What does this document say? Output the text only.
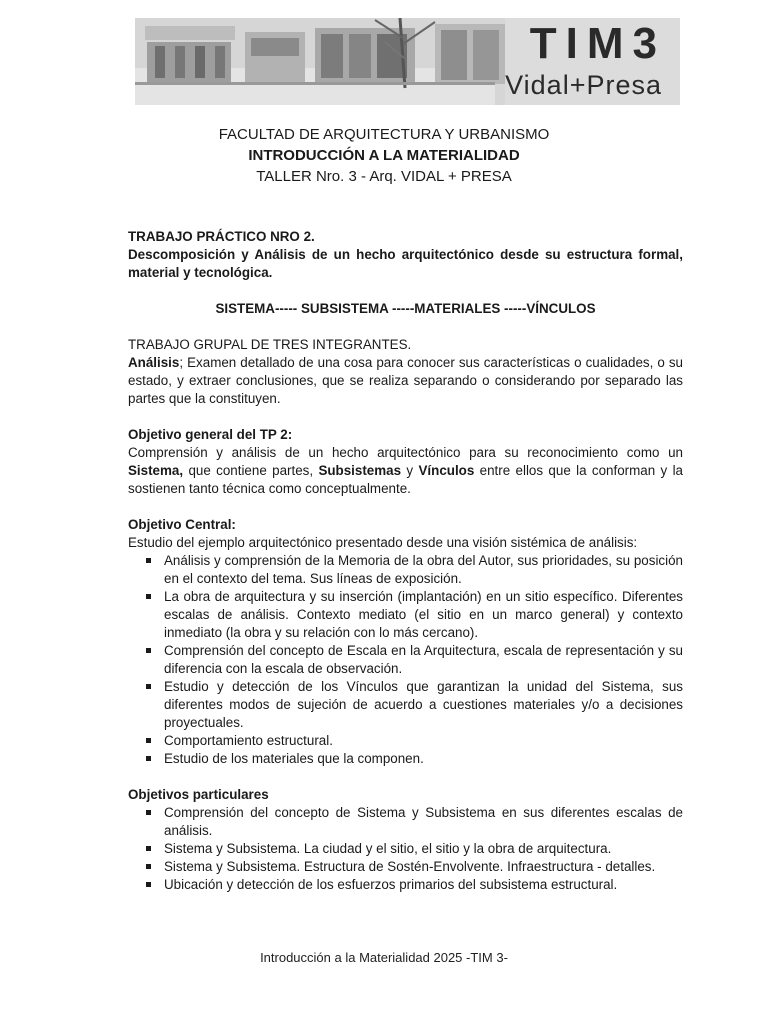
TIM3
Vidal+Presa
FACULTAD DE ARQUITECTURA Y URBANISMO
INTRODUCCIÓN A LA MATERIALIDAD
TALLER Nro. 3 - Arq. VIDAL + PRESA

TRABAJO PRÁCTICO NRO 2.

Descomposición y Análisis de un hecho arquitectónico desde su estructura formal, material y tecnológica.

SISTEMA----- SUBSISTEMA -----MATERIALES -----VÍNCULOS

TRABAJO GRUPAL DE TRES INTEGRANTES.

Análisis; Examen detallado de una cosa para conocer sus características o cualidades, o su estado, y extraer conclusiones, que se realiza separando o considerando por separado las partes que la constituyen.

Objetivo general del TP 2:

Comprensión y análisis de un hecho arquitectónico para su reconocimiento como un Sistema, que contiene partes, Subsistemas y Vínculos entre ellos que la conforman y la sostienen tanto técnica como conceptualmente.

Objetivo Central:

Estudio del ejemplo arquitectónico presentado desde una visión sistémica de análisis:

Análisis y comprensión de la Memoria de la obra del Autor, sus prioridades, su posición en el contexto del tema. Sus líneas de exposición.
La obra de arquitectura y su inserción (implantación) en un sitio específico. Diferentes escalas de análisis. Contexto mediato (el sitio en un marco general) y contexto inmediato (la obra y su relación con lo más cercano).
Comprensión del concepto de Escala en la Arquitectura, escala de representación y su diferencia con la escala de observación.
Estudio y detección de los Vínculos que garantizan la unidad del Sistema, sus diferentes modos de sujeción de acuerdo a cuestiones materiales y/o a decisiones proyectuales.
Comportamiento estructural.
Estudio de los materiales que la componen.

Objetivos particulares

Comprensión del concepto de Sistema y Subsistema en sus diferentes escalas de análisis.
Sistema y Subsistema. La ciudad y el sitio, el sitio y la obra de arquitectura.
Sistema y Subsistema. Estructura de Sostén-Envolvente. Infraestructura - detalles.
Ubicación y detección de los esfuerzos primarios del subsistema estructural.
Introducción a la Materialidad 2025 -TIM 3-
